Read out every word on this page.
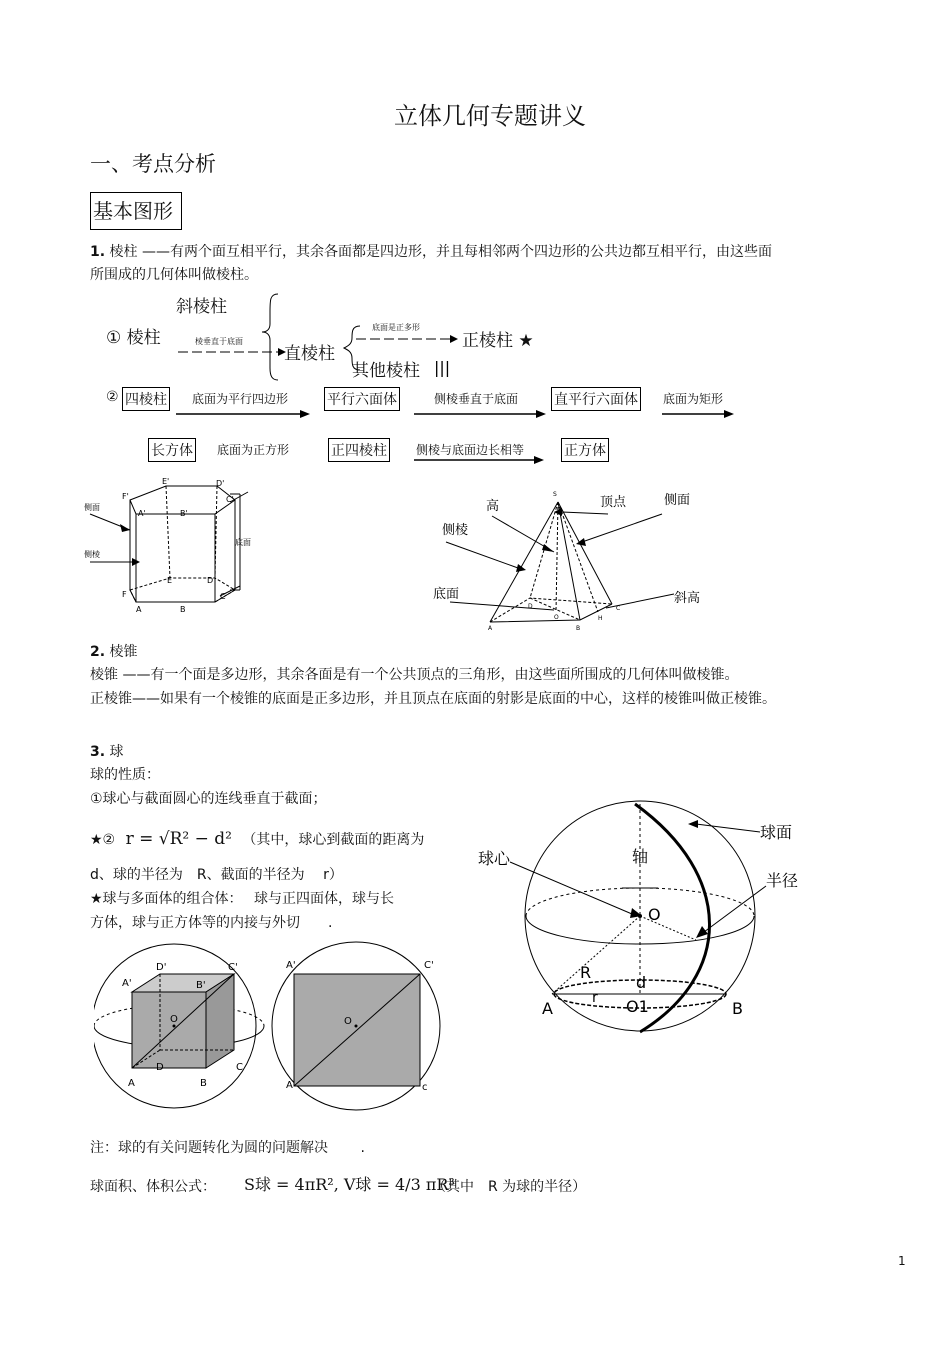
立体几何专题讲义
一、考点分析
基本图形
1. 棱柱 ——有两个面互相平行，其余各面都是四边形，并且每相邻两个四边形的公共边都互相平行，由这些面
所围成的几何体叫做棱柱。
|||
① 棱柱
斜棱柱
棱垂直于底面
直棱柱
底面是正多形
正棱柱 ★
其他棱柱
② 四棱柱 底面为平行四边形	平行六面体	侧棱垂直于底面	直平行六面体 底面为矩形
长方体 底面为正方形	正四棱柱 侧棱与底面边长相等	正方体
侧面
侧棱
底面
E'	D'
F'	C'
A'	B'
E	D
F	C
A	B
S
高	顶点	侧面
侧棱
底面	斜高
A	B
C
D
O	H
2. 棱锥
棱锥 ——有一个面是多边形，其余各面是有一个公共顶点的三角形，由这些面所围成的几何体叫做棱锥。
正棱锥——如果有一个棱锥的底面是正多边形，并且顶点在底面的射影是底面的中心，这样的棱锥叫做正棱锥。
3. 球
球的性质：
①球心与截面圆心的连线垂直于截面；
★② r = √R² − d² （其中，球心到截面的距离为
d、球的半径为　R、截面的半径为　 r）
★球与多面体的组合体：　 球与正四面体，球与长
方体，球与正方体等的内接与外切　　.
球面
球心	轴
半径
O
R
d
r
A	B
O1
D'	C'
A'	B'
O
D	C
A	B
A'	C'
O
A	c
注：球的有关问题转化为圆的问题解决　　 .
球面积、体积公式： S球 = 4πR², V球 = 4/3 πR³
（其中　R 为球的半径）
1
